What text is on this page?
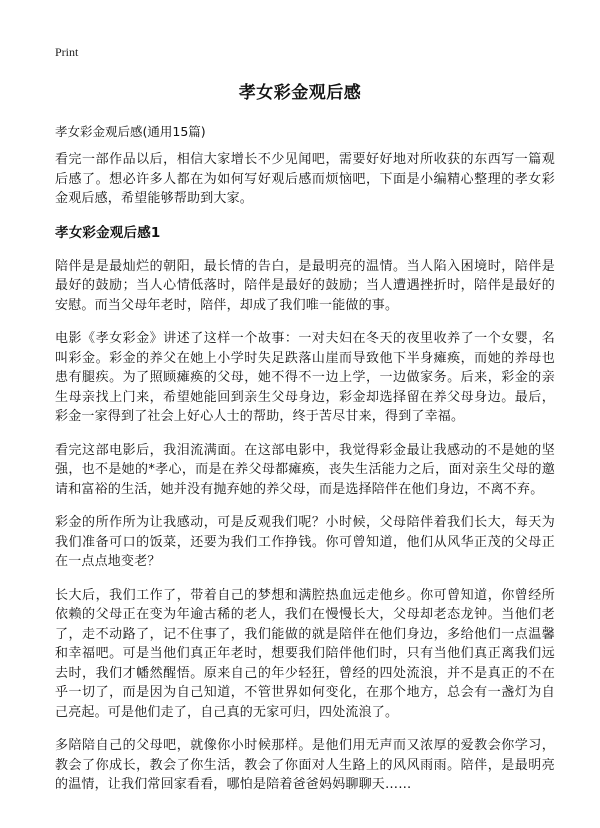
Print
孝女彩金观后感
孝女彩金观后感(通用15篇)

看完一部作品以后，相信大家增长不少见闻吧，需要好好地对所收获的东西写一篇观后感了。想必许多人都在为如何写好观后感而烦恼吧，下面是小编精心整理的孝女彩金观后感，希望能够帮助到大家。

孝女彩金观后感1

陪伴是是最灿烂的朝阳，最长情的告白，是最明亮的温情。当人陷入困境时，陪伴是最好的鼓励；当人心情低落时，陪伴是最好的鼓励；当人遭遇挫折时，陪伴是最好的安慰。而当父母年老时，陪伴，却成了我们唯一能做的事。

电影《孝女彩金》讲述了这样一个故事：一对夫妇在冬天的夜里收养了一个女婴，名叫彩金。彩金的养父在她上小学时失足跌落山崖而导致他下半身瘫痪，而她的养母也患有腿疾。为了照顾瘫痪的父母，她不得不一边上学，一边做家务。后来，彩金的亲生母亲找上门来，希望她能回到亲生父母身边，彩金却选择留在养父母身边。最后，彩金一家得到了社会上好心人士的帮助，终于苦尽甘来，得到了幸福。

看完这部电影后，我泪流满面。在这部电影中，我觉得彩金最让我感动的不是她的坚强，也不是她的*孝心，而是在养父母都瘫痪，丧失生活能力之后，面对亲生父母的邀请和富裕的生活，她并没有抛弃她的养父母，而是选择陪伴在他们身边，不离不弃。

彩金的所作所为让我感动，可是反观我们呢？小时候，父母陪伴着我们长大，每天为我们准备可口的饭菜，还要为我们工作挣钱。你可曾知道，他们从风华正茂的父母正在一点点地变老？

长大后，我们工作了，带着自己的梦想和满腔热血远走他乡。你可曾知道，你曾经所依赖的父母正在变为年逾古稀的老人，我们在慢慢长大，父母却老态龙钟。当他们老了，走不动路了，记不住事了，我们能做的就是陪伴在他们身边，多给他们一点温馨和幸福吧。可是当他们真正年老时，想要我们陪伴他们时，只有当他们真正离我们远去时，我们才幡然醒悟。原来自己的年少轻狂，曾经的四处流浪，并不是真正的不在乎一切了，而是因为自己知道，不管世界如何变化，在那个地方，总会有一盏灯为自己亮起。可是他们走了，自己真的无家可归，四处流浪了。

多陪陪自己的父母吧，就像你小时候那样。是他们用无声而又浓厚的爱教会你学习，教会了你成长，教会了你生活，教会了你面对人生路上的风风雨雨。陪伴，是最明亮的温情，让我们常回家看看，哪怕是陪着爸爸妈妈聊聊天……
